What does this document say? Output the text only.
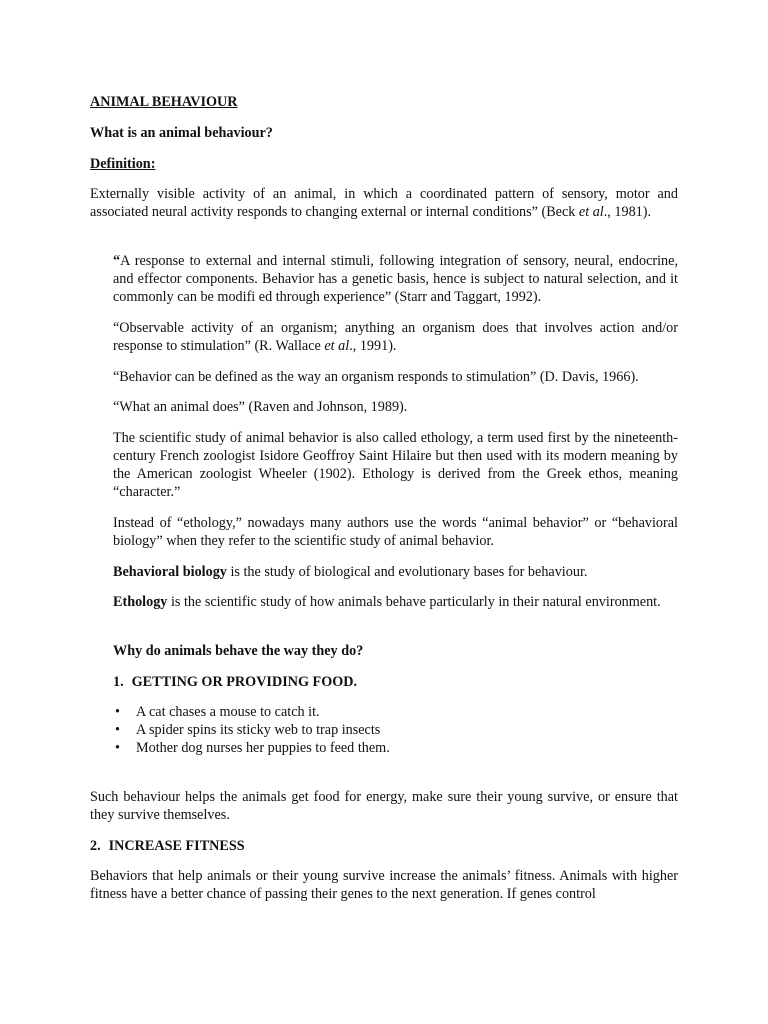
ANIMAL BEHAVIOUR

What is an animal behaviour?

Definition:

Externally visible activity of an animal, in which a coordinated pattern of sensory, motor and associated neural activity responds to changing external or internal conditions” (Beck et al., 1981).

“A response to external and internal stimuli, following integration of sensory, neural, endocrine, and effector components. Behavior has a genetic basis, hence is subject to natural selection, and it commonly can be modifi ed through experience” (Starr and Taggart, 1992).

“Observable activity of an organism; anything an organism does that involves action and/or response to stimulation” (R. Wallace et al., 1991).

“Behavior can be defined as the way an organism responds to stimulation” (D. Davis, 1966).

“What an animal does” (Raven and Johnson, 1989).

The scientific study of animal behavior is also called ethology, a term used first by the nineteenth-century French zoologist Isidore Geoffroy Saint Hilaire but then used with its modern meaning by the American zoologist Wheeler (1902). Ethology is derived from the Greek ethos, meaning “character.”

Instead of “ethology,” nowadays many authors use the words “animal behavior” or “behavioral biology” when they refer to the scientific study of animal behavior.

Behavioral biology is the study of biological and evolutionary bases for behaviour.

Ethology is the scientific study of how animals behave particularly in their natural environment.

Why do animals behave the way they do?

1. GETTING OR PROVIDING FOOD.

• A cat chases a mouse to catch it.
• A spider spins its sticky web to trap insects
• Mother dog nurses her puppies to feed them.

Such behaviour helps the animals get food for energy, make sure their young survive, or ensure that they survive themselves.

2. INCREASE FITNESS

Behaviors that help animals or their young survive increase the animals’ fitness. Animals with higher fitness have a better chance of passing their genes to the next generation. If genes control
